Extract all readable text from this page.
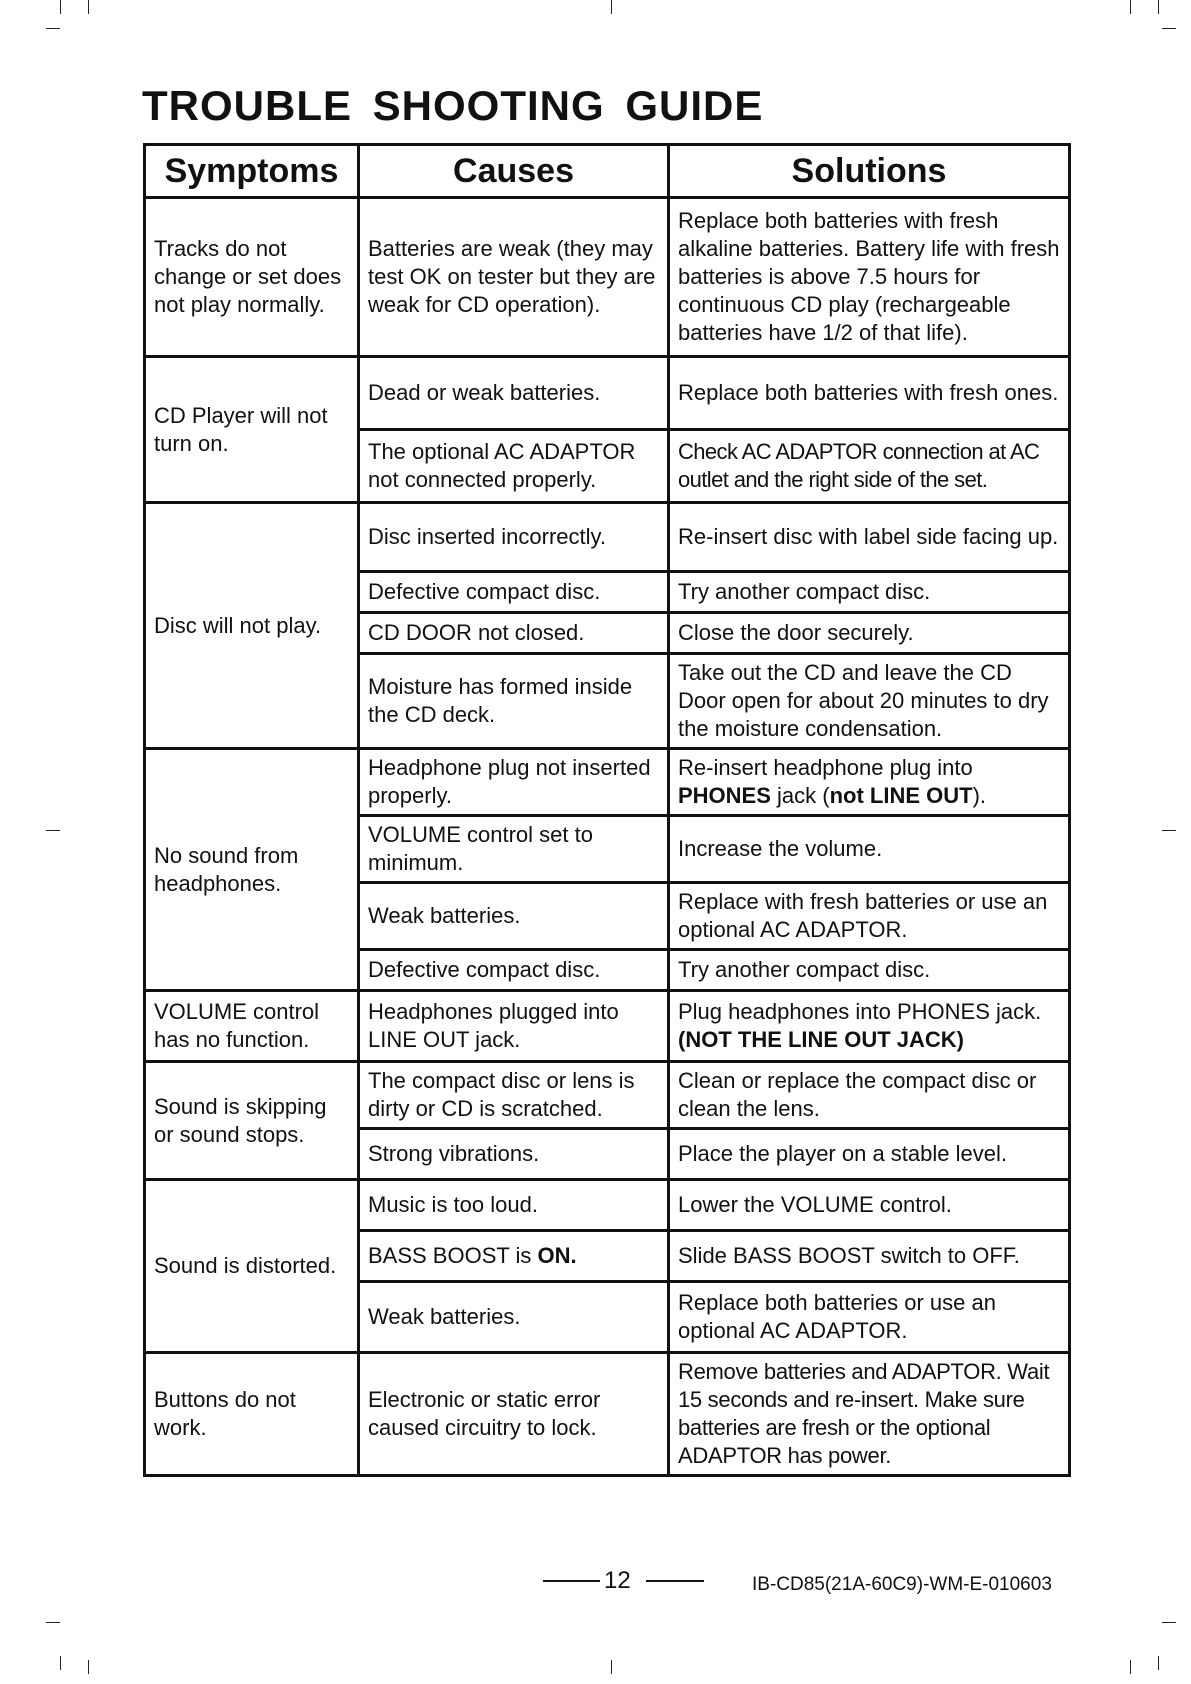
TROUBLE SHOOTING GUIDE
Symptoms	Causes	Solutions
Tracks do not change or set does not play normally.	Batteries are weak (they may test OK on tester but they are weak for CD operation).	Replace both batteries with fresh alkaline batteries. Battery life with fresh batteries is above 7.5 hours for continuous CD play (rechargeable batteries have 1/2 of that life).
CD Player will not turn on.	Dead or weak batteries.	Replace both batteries with fresh ones.
	The optional AC ADAPTOR not connected properly.	Check AC ADAPTOR connection at AC outlet and the right side of the set.
Disc will not play.	Disc inserted incorrectly.	Re-insert disc with label side facing up.
	Defective compact disc.	Try another compact disc.
	CD DOOR not closed.	Close the door securely.
	Moisture has formed inside the CD deck.	Take out the CD and leave the CD Door open for about 20 minutes to dry the moisture condensation.
No sound from headphones.	Headphone plug not inserted properly.	Re-insert headphone plug into PHONES jack (not LINE OUT).
	VOLUME control set to minimum.	Increase the volume.
	Weak batteries.	Replace with fresh batteries or use an optional AC ADAPTOR.
	Defective compact disc.	Try another compact disc.
VOLUME control has no function.	Headphones plugged into LINE OUT jack.	Plug headphones into PHONES jack. (NOT THE LINE OUT JACK)
Sound is skipping or sound stops.	The compact disc or lens is dirty or CD is scratched.	Clean or replace the compact disc or clean the lens.
	Strong vibrations.	Place the player on a stable level.
Sound is distorted.	Music is too loud.	Lower the VOLUME control.
	BASS BOOST is ON.	Slide BASS BOOST switch to OFF.
	Weak batteries.	Replace both batteries or use an optional AC ADAPTOR.
Buttons do not work.	Electronic or static error caused circuitry to lock.	Remove batteries and ADAPTOR. Wait 15 seconds and re-insert. Make sure batteries are fresh or the optional ADAPTOR has power.
12	IB-CD85(21A-60C9)-WM-E-010603
